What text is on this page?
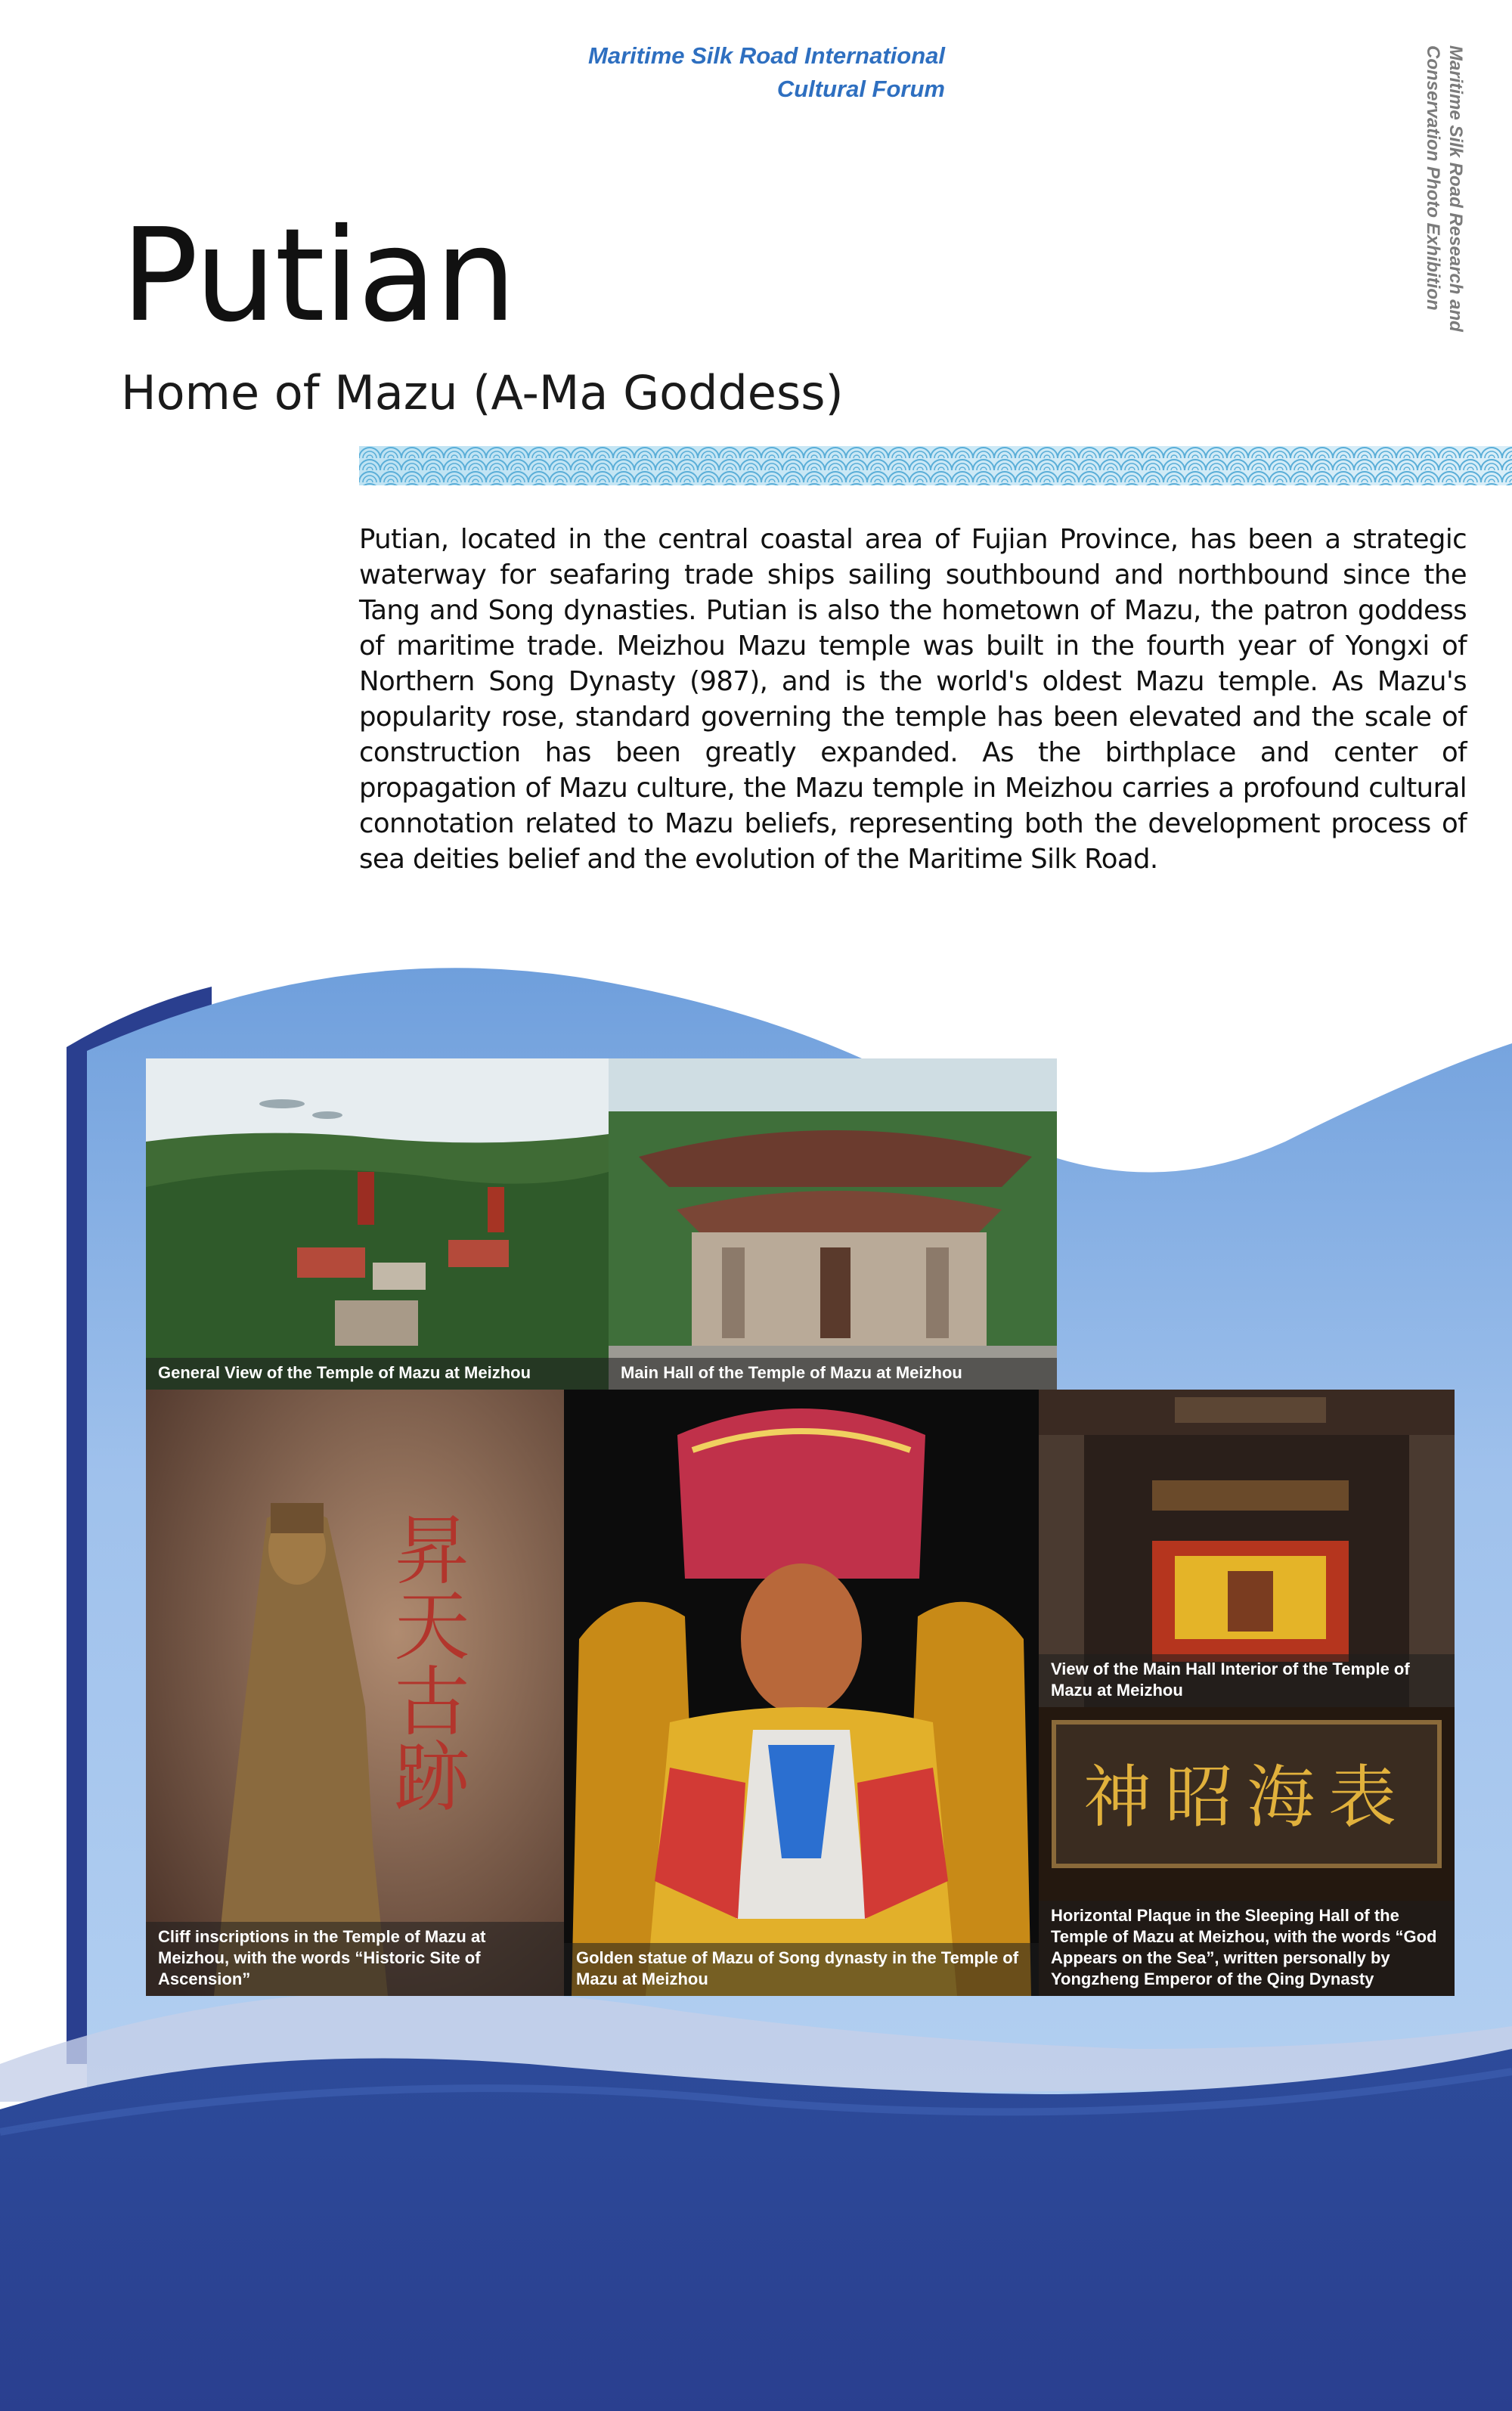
Maritime Silk Road International
Cultural Forum	Maritime Silk Road Research and
Conservation Photo Exhibition
Putian
Home of Mazu (A-Ma Goddess)
Putian, located in the central coastal area of Fujian Province, has been a strategic waterway for seafaring trade ships sailing southbound and northbound since the Tang and Song dynasties. Putian is also the hometown of Mazu, the patron goddess of maritime trade. Meizhou Mazu temple was built in the fourth year of Yongxi of Northern Song Dynasty (987), and is the world's oldest Mazu temple. As Mazu's popularity rose, standard governing the temple has been elevated and the scale of construction has been greatly expanded. As the birthplace and center of propagation of Mazu culture, the Mazu temple in Meizhou carries a profound cultural connotation related to Mazu beliefs, representing both the development process of sea deities belief and the evolution of the Maritime Silk Road.
General View of the Temple of Mazu at Meizhou	Main Hall of the Temple of Mazu at Meizhou
昇天古跡
Cliff inscriptions in the Temple of Mazu at Meizhou, with the words “Historic Site of Ascension”
Golden statue of Mazu of Song dynasty in the Temple of Mazu at Meizhou
View of the Main Hall Interior of the Temple of Mazu at Meizhou
神昭海表
Horizontal Plaque in the Sleeping Hall of the Temple of Mazu at Meizhou, with the words “God Appears on the Sea”, written personally by Yongzheng Emperor of the Qing Dynasty
